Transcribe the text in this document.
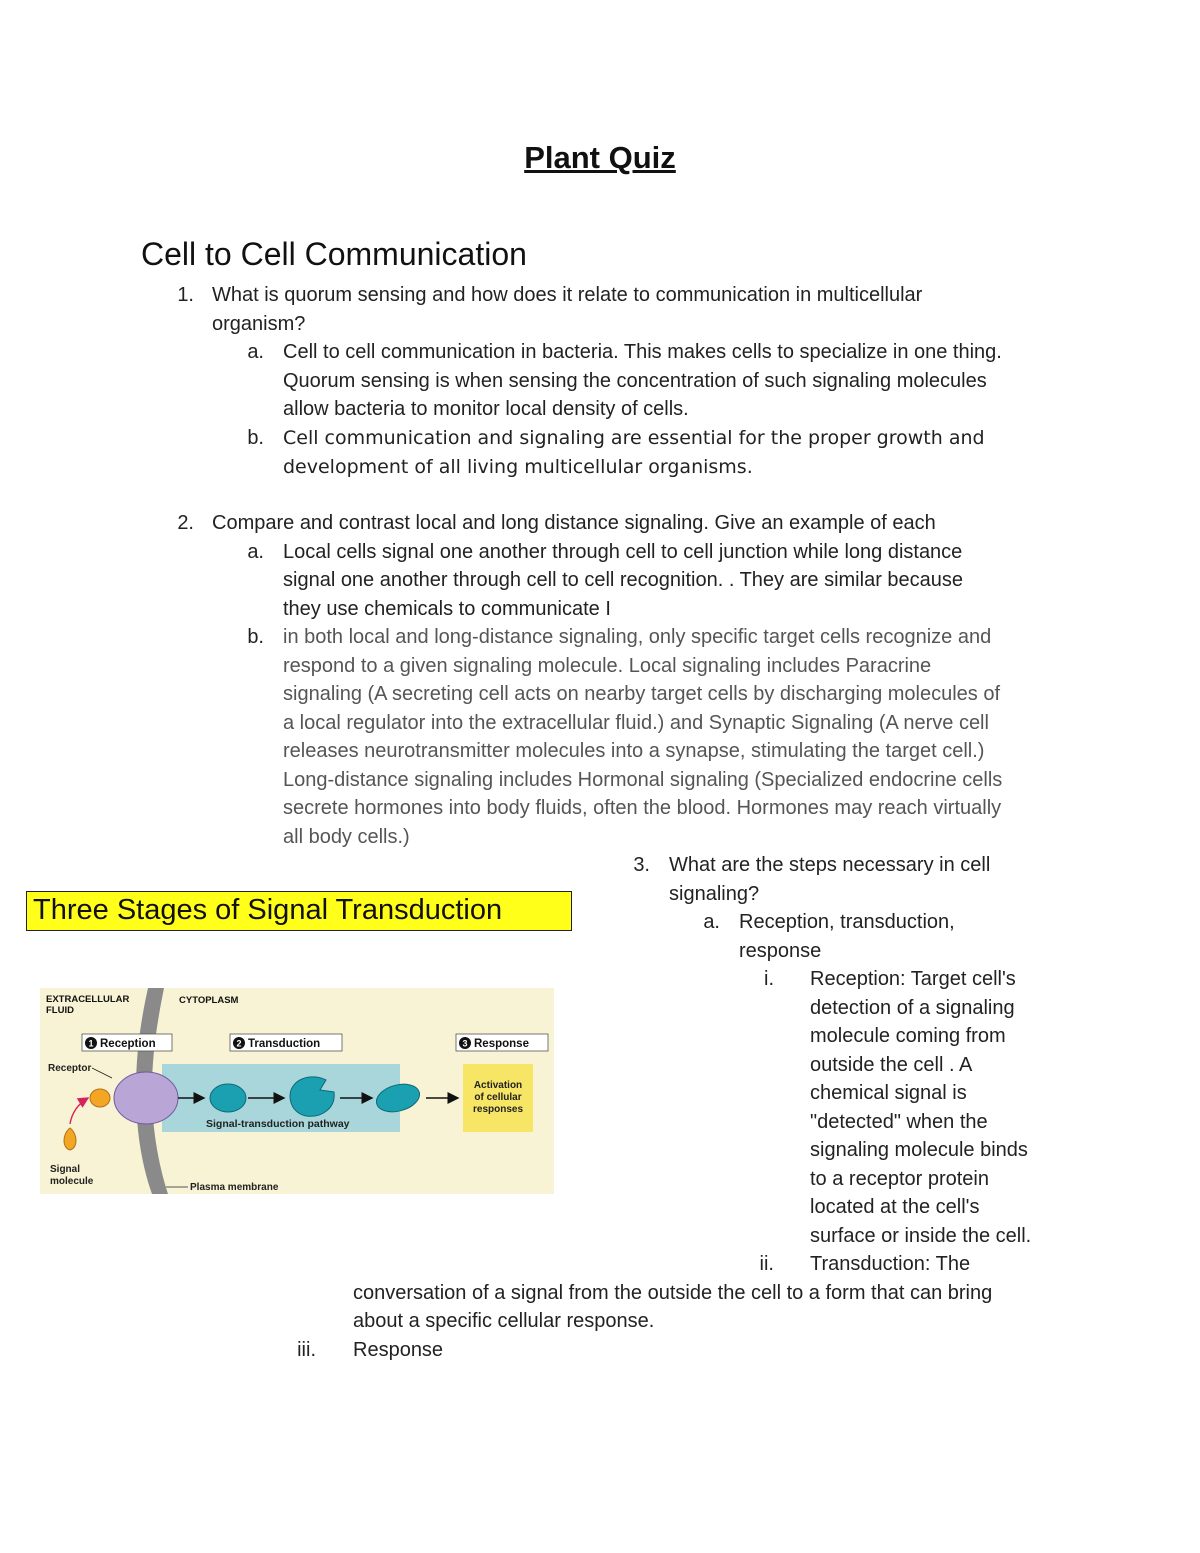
Plant Quiz
Cell to Cell Communication
1. What is quorum sensing and how does it relate to communication in multicellular
organism?
a. Cell to cell communication in bacteria. This makes cells to specialize in one thing.
Quorum sensing is when sensing the concentration of such signaling molecules
allow bacteria to monitor local density of cells.
b. Cell communication and signaling are essential for the proper growth and
development of all living multicellular organisms.
2. Compare and contrast local and long distance signaling. Give an example of each
a. Local cells signal one another through cell to cell junction while long distance
signal one another through cell to cell recognition. . They are similar because
they use chemicals to communicate I
b. in both local and long-distance signaling, only specific target cells recognize and
respond to a given signaling molecule. Local signaling includes Paracrine
signaling (A secreting cell acts on nearby target cells by discharging molecules of
a local regulator into the extracellular fluid.) and Synaptic Signaling (A nerve cell
releases neurotransmitter molecules into a synapse, stimulating the target cell.)
Long-distance signaling includes Hormonal signaling (Specialized endocrine cells
secrete hormones into body fluids, often the blood. Hormones may reach virtually
all body cells.)
3. What are the steps necessary in cell
signaling?
a. Reception, transduction,
response
i. Reception: Target cell's
detection of a signaling
molecule coming from
outside the cell . A
chemical signal is
"detected" when the
signaling molecule binds
to a receptor protein
located at the cell's
surface or inside the cell.
ii. Transduction: The
conversation of a signal from the outside the cell to a form that can bring
about a specific cellular response.
iii. Response
Three Stages of Signal Transduction
EXTRACELLULAR
FLUID
CYTOPLASM
1 Reception	2 Transduction	3 Response
Signal-transduction pathway
Activation
of cellular
responses
Receptor
Signal
molecule
Plasma membrane
